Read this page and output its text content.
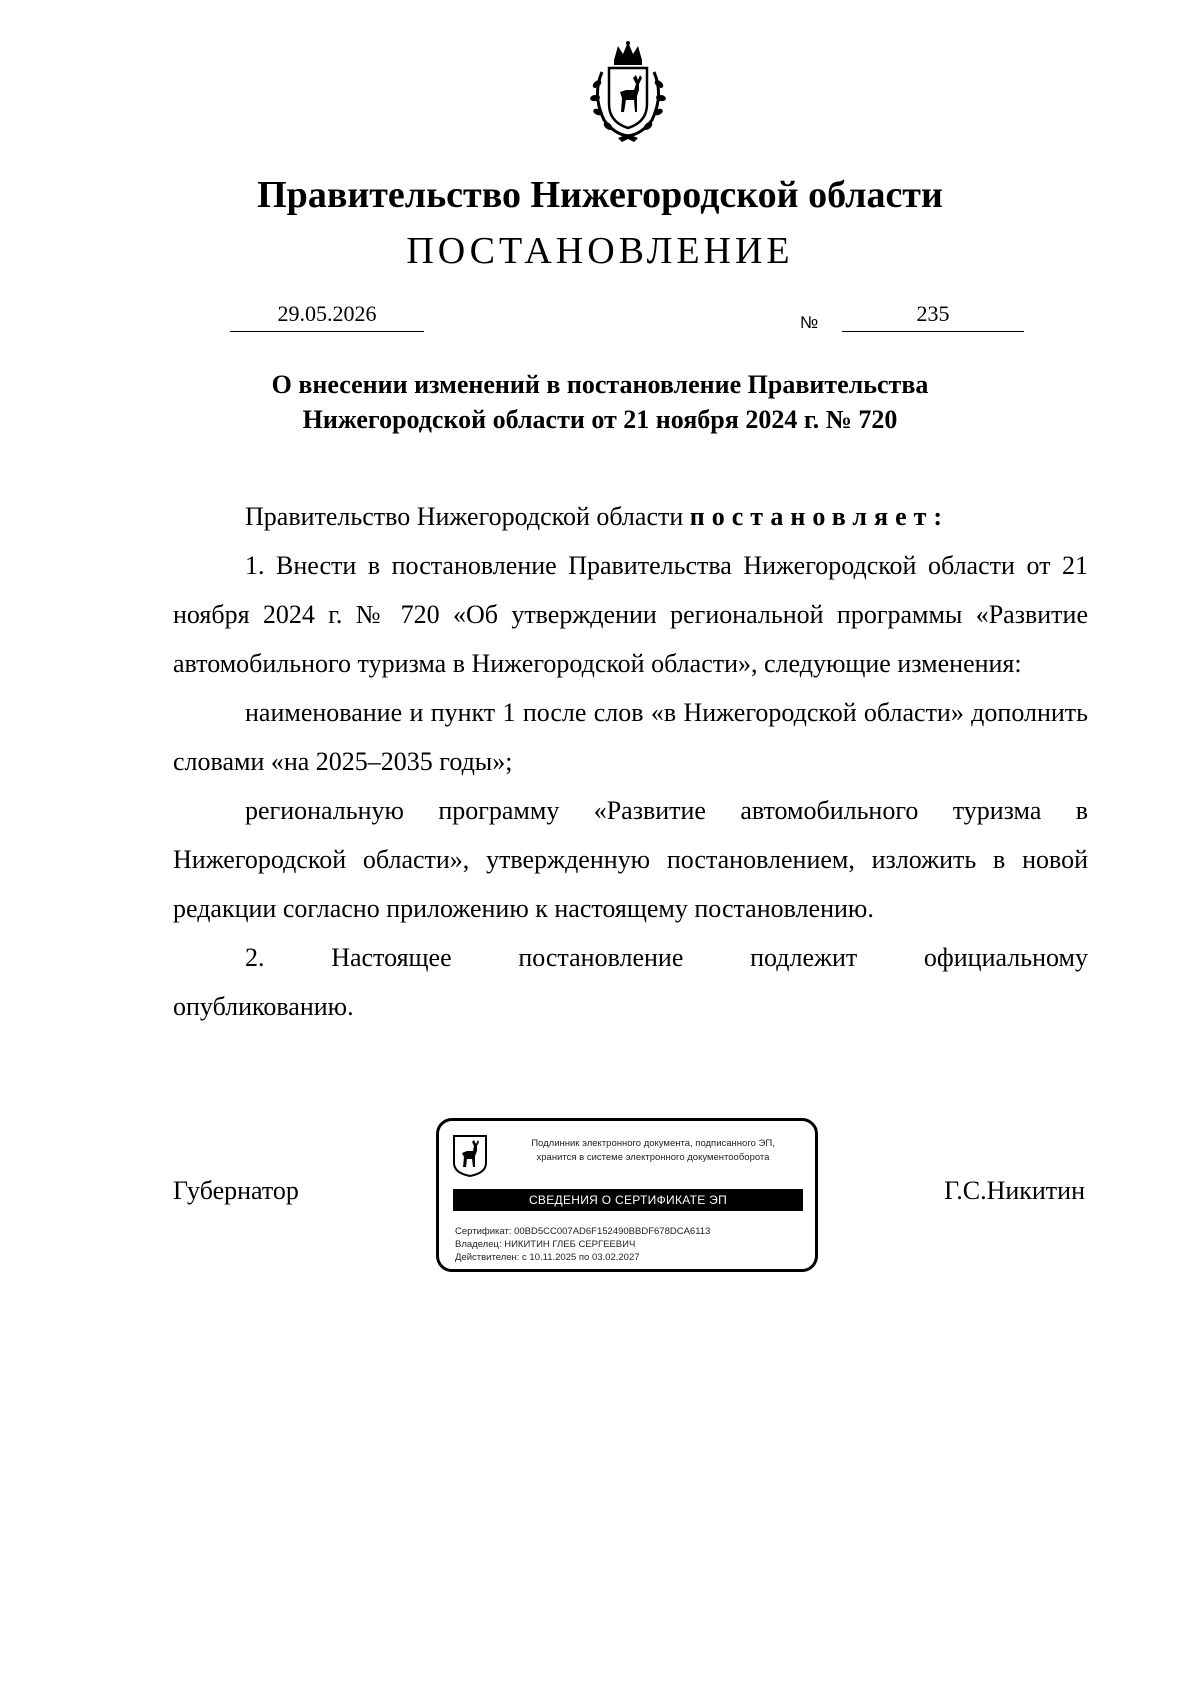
Правительство Нижегородской области
ПОСТАНОВЛЕНИЕ
29.05.2026	№	235
О внесении изменений в постановление Правительства
Нижегородской области от 21 ноября 2024 г. № 720

Правительство Нижегородской области постановляет:

1. Внести в постановление Правительства Нижегородской области от 21 ноября 2024 г. № 720 «Об утверждении региональной программы «Развитие автомобильного туризма в Нижегородской области», следующие изменения:

наименование и пункт 1 после слов «в Нижегородской области» дополнить словами «на 2025–2035 годы»;

региональную программу «Развитие автомобильного туризма в Нижегородской области», утвержденную постановлением, изложить в новой редакции согласно приложению к настоящему постановлению.

2.	Настоящее	постановление	подлежит	официальному
опубликованию.
Губернатор	Г.С.Никитин
Подлинник электронного документа, подписанного ЭП,
хранится в системе электронного документооборота
СВЕДЕНИЯ О СЕРТИФИКАТЕ ЭП
Сертификат: 00BD5CC007AD6F152490BBDF678DCA6113
Владелец: НИКИТИН ГЛЕБ СЕРГЕЕВИЧ
Действителен: с 10.11.2025 по 03.02.2027
